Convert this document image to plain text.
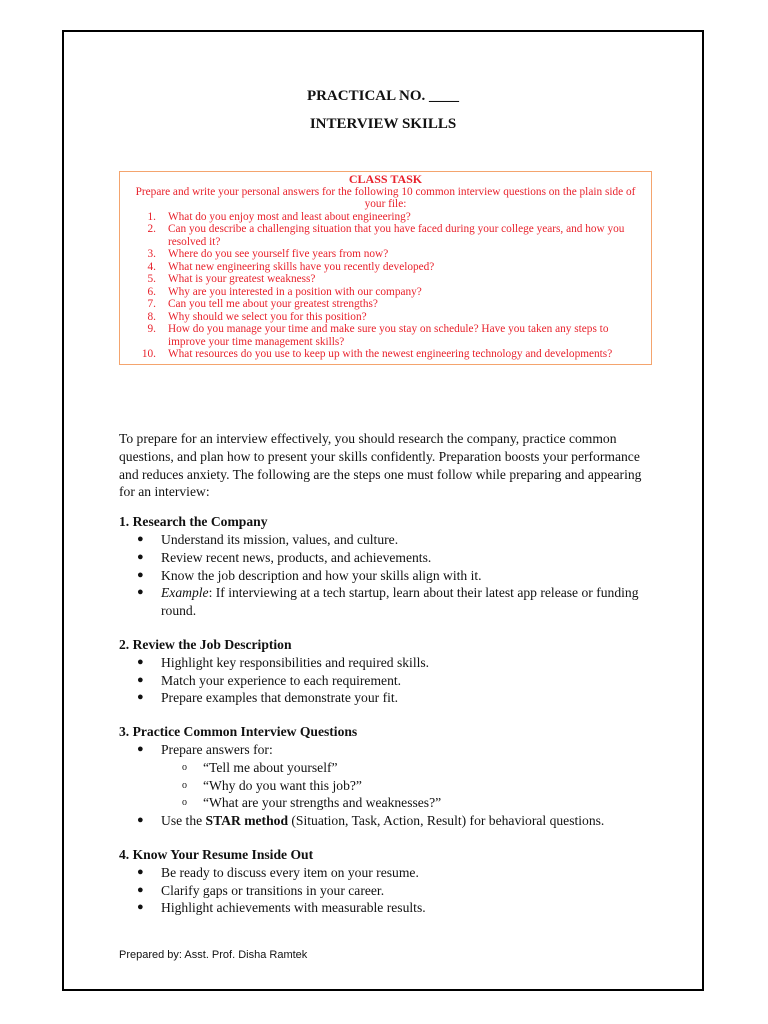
PRACTICAL NO. ____
INTERVIEW SKILLS
CLASS TASK
Prepare and write your personal answers for the following 10 common interview questions on the plain side of your file:
1. What do you enjoy most and least about engineering?
2. Can you describe a challenging situation that you have faced during your college years, and how you resolved it?
3. Where do you see yourself five years from now?
4. What new engineering skills have you recently developed?
5. What is your greatest weakness?
6. Why are you interested in a position with our company?
7. Can you tell me about your greatest strengths?
8. Why should we select you for this position?
9. How do you manage your time and make sure you stay on schedule? Have you taken any steps to improve your time management skills?
10. What resources do you use to keep up with the newest engineering technology and developments?

To prepare for an interview effectively, you should research the company, practice common questions, and plan how to present your skills confidently. Preparation boosts your performance and reduces anxiety. The following are the steps one must follow while preparing and appearing for an interview:

1. Research the Company
● Understand its mission, values, and culture.
● Review recent news, products, and achievements.
● Know the job description and how your skills align with it.
● Example: If interviewing at a tech startup, learn about their latest app release or funding round.
2. Review the Job Description
● Highlight key responsibilities and required skills.
● Match your experience to each requirement.
● Prepare examples that demonstrate your fit.
3. Practice Common Interview Questions
● Prepare answers for:
o “Tell me about yourself”
o “Why do you want this job?”
o “What are your strengths and weaknesses?”
● Use the STAR method (Situation, Task, Action, Result) for behavioral questions.
4. Know Your Resume Inside Out
● Be ready to discuss every item on your resume.
● Clarify gaps or transitions in your career.
● Highlight achievements with measurable results.
Prepared by: Asst. Prof. Disha Ramtek
